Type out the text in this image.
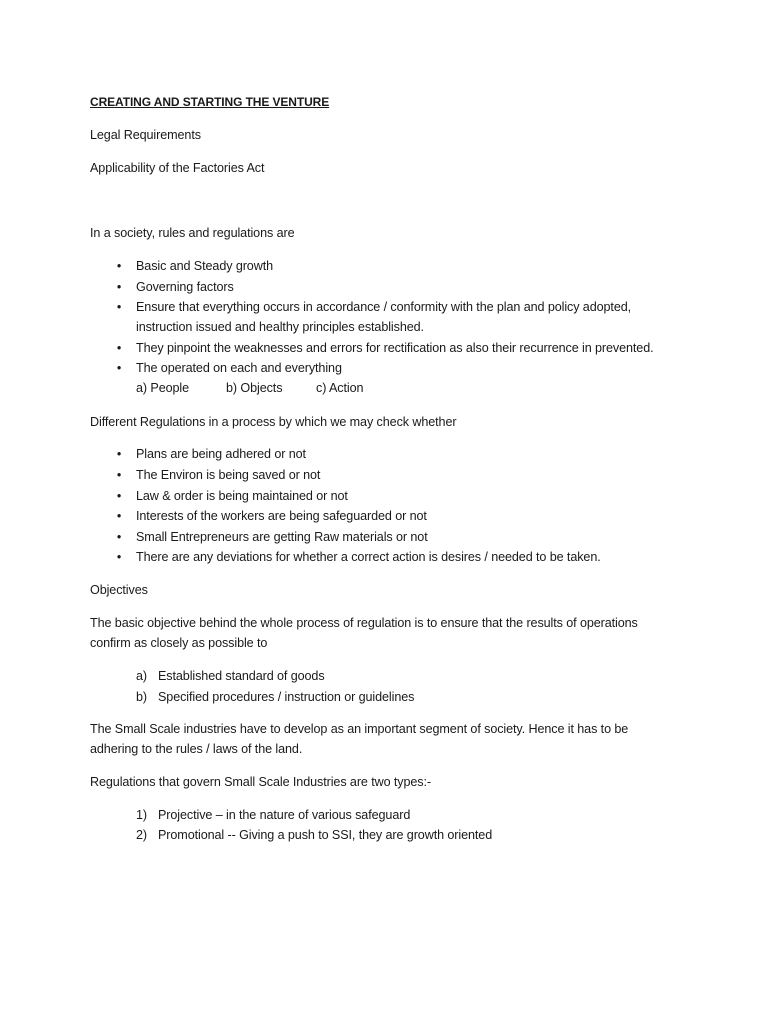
CREATING AND STARTING THE VENTURE

Legal Requirements

Applicability of the Factories Act

In a society, rules and regulations are

• Basic and Steady growth
• Governing factors
• Ensure that everything occurs in accordance / conformity with the plan and policy adopted,
instruction issued and healthy principles established.
• They pinpoint the weaknesses and errors for rectification as also their recurrence in prevented.
• The operated on each and everything
a) People	b) Objects	c) Action

Different Regulations in a process by which we may check whether

• Plans are being adhered or not
• The Environ is being saved or not
• Law & order is being maintained or not
• Interests of the workers are being safeguarded or not
• Small Entrepreneurs are getting Raw materials or not
• There are any deviations for whether a correct action is desires / needed to be taken.

Objectives

The basic objective behind the whole process of regulation is to ensure that the results of operations

confirm as closely as possible to

a) Established standard of goods
b) Specified procedures / instruction or guidelines

The Small Scale industries have to develop as an important segment of society. Hence it has to be

adhering to the rules / laws of the land.

Regulations that govern Small Scale Industries are two types:-

1) Projective – in the nature of various safeguard
2) Promotional -- Giving a push to SSI, they are growth oriented
